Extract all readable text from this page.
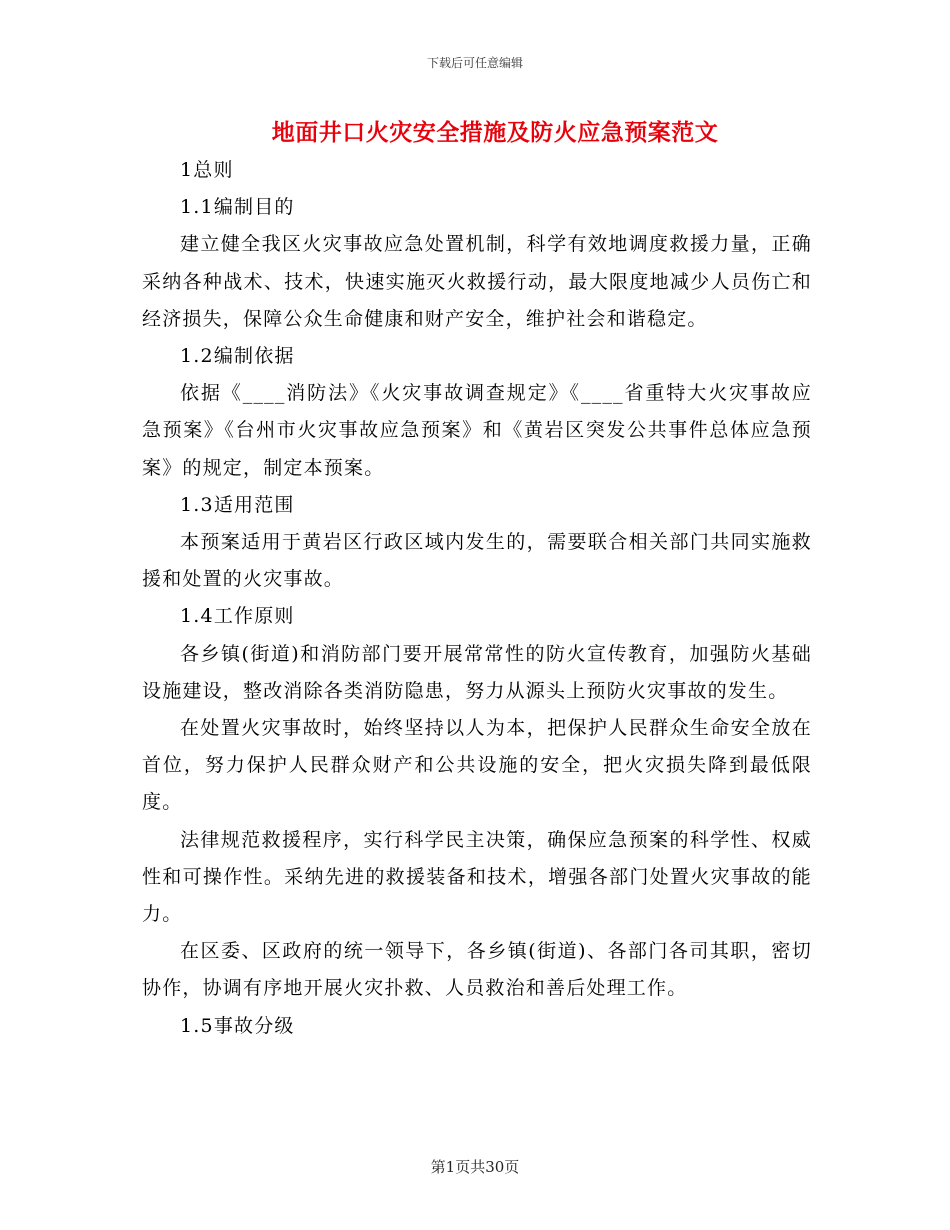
下载后可任意编辑
地面井口火灾安全措施及防火应急预案范文

1总则

1.1编制目的

建立健全我区火灾事故应急处置机制，科学有效地调度救援力量，正确采纳各种战术、技术，快速实施灭火救援行动，最大限度地减少人员伤亡和经济损失，保障公众生命健康和财产安全，维护社会和谐稳定。

1.2编制依据

依据《____消防法》《火灾事故调查规定》《____省重特大火灾事故应急预案》《台州市火灾事故应急预案》和《黄岩区突发公共事件总体应急预案》的规定，制定本预案。

1.3适用范围

本预案适用于黄岩区行政区域内发生的，需要联合相关部门共同实施救援和处置的火灾事故。

1.4工作原则

各乡镇(街道)和消防部门要开展常常性的防火宣传教育，加强防火基础设施建设，整改消除各类消防隐患，努力从源头上预防火灾事故的发生。

在处置火灾事故时，始终坚持以人为本，把保护人民群众生命安全放在首位，努力保护人民群众财产和公共设施的安全，把火灾损失降到最低限度。

法律规范救援程序，实行科学民主决策，确保应急预案的科学性、权威性和可操作性。采纳先进的救援装备和技术，增强各部门处置火灾事故的能力。

在区委、区政府的统一领导下，各乡镇(街道)、各部门各司其职，密切协作，协调有序地开展火灾扑救、人员救治和善后处理工作。

1.5事故分级

第1页共30页
